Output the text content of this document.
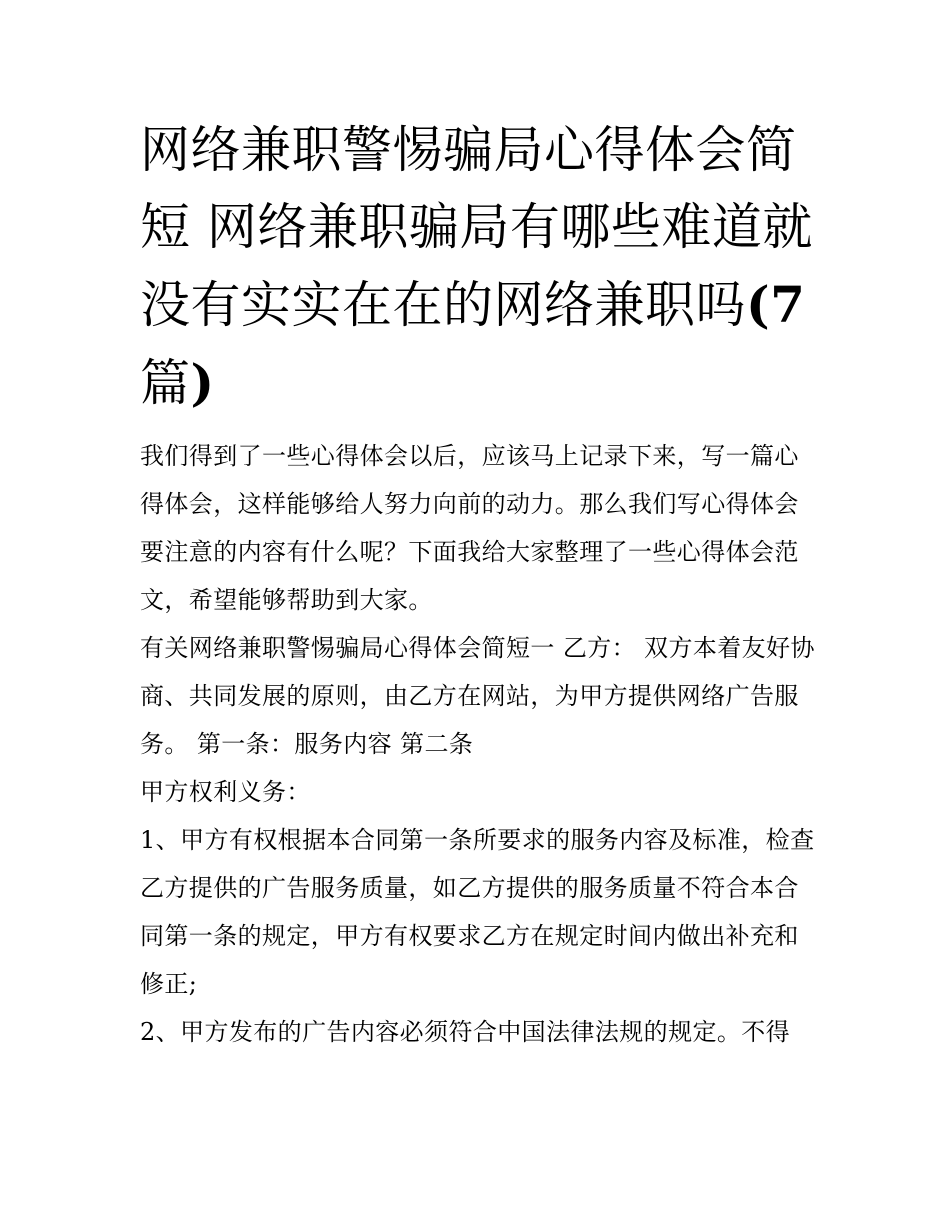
网络兼职警惕骗局心得体会简
短 网络兼职骗局有哪些难道就
没有实实在在的网络兼职吗(7
篇)

我们得到了一些心得体会以后，应该马上记录下来，写一篇心得体会，这样能够给人努力向前的动力。那么我们写心得体会要注意的内容有什么呢？下面我给大家整理了一些心得体会范文，希望能够帮助到大家。

有关网络兼职警惕骗局心得体会简短一 乙方： 双方本着友好协商、共同发展的原则，由乙方在网站，为甲方提供网络广告服务。 第一条：服务内容 第二条

甲方权利义务：

1、甲方有权根据本合同第一条所要求的服务内容及标准，检查乙方提供的广告服务质量，如乙方提供的服务质量不符合本合同第一条的规定，甲方有权要求乙方在规定时间内做出补充和修正;

2、甲方发布的广告内容必须符合中国法律法规的规定。不得
